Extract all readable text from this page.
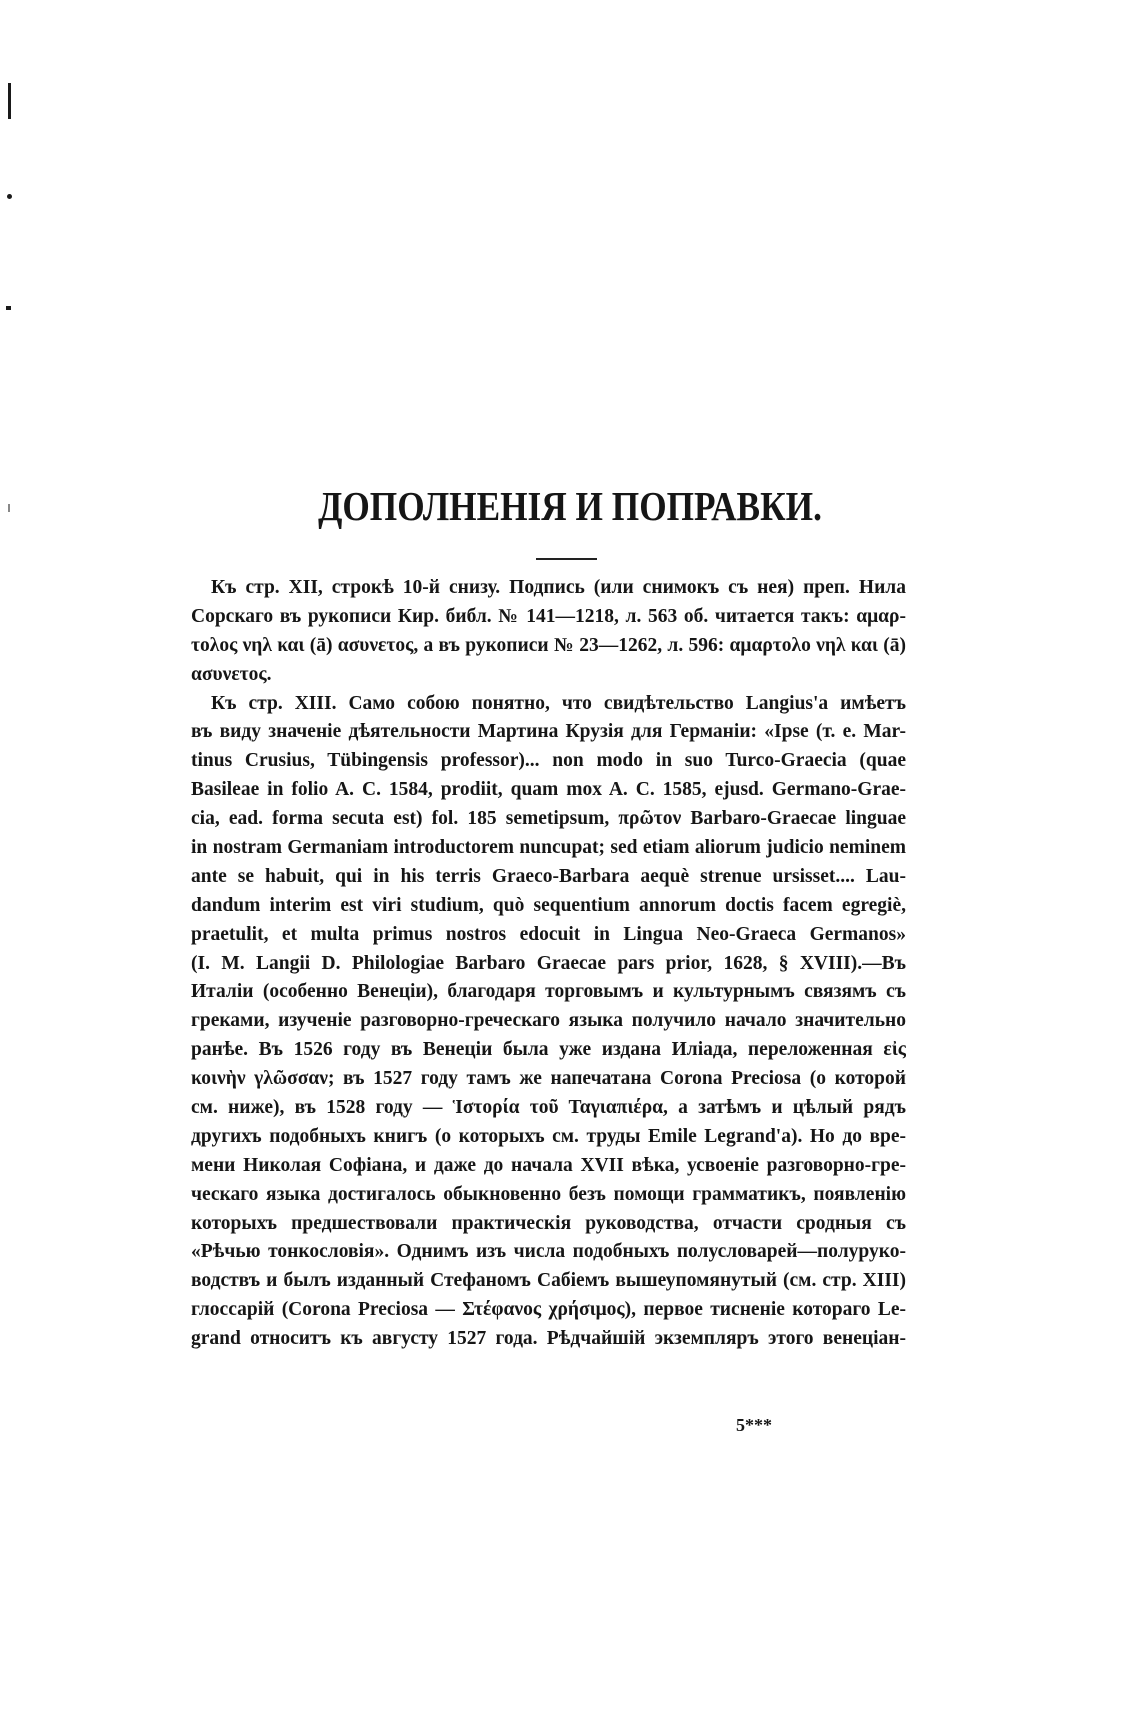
ДОПОЛНЕНІЯ И ПОПРАВКИ.
Къ стр. XII, строкѣ 10-й снизу. Подпись (или снимокъ съ нея) преп. Нила
Сорскаго въ рукописи Кир. библ. № 141—1218, л. 563 об. читается такъ: αμαρ-
τολος νηλ και (ā) ασυνετος, а въ рукописи № 23—1262, л. 596: αμαρτολο νηλ και (ā)
ασυνετος.
Къ стр. XIII. Само собою понятно, что свидѣтельство Langius'а имѣетъ
въ виду значеніе дѣятельности Мартина Крузія для Германіи: «Ipse (т. е. Mar-
tinus Crusius, Tübingensis professor)... non modo in suo Turco-Graecia (quae
Basileae in folio A. C. 1584, prodiit, quam mox A. C. 1585, ejusd. Germano-Grae-
cia, ead. forma secuta est) fol. 185 semetipsum, πρῶτον Barbaro-Graecae linguae
in nostram Germaniam introductorem nuncupat; sed etiam aliorum judicio neminem
ante se habuit, qui in his terris Graeco-Barbara aequè strenue ursisset.... Lau-
dandum interim est viri studium, quò sequentium annorum doctis facem egregiè,
praetulit, et multa primus nostros edocuit in Lingua Neo-Graeca Germanos»
(I. M. Langii D. Philologiae Barbaro Graecae pars prior, 1628, § XVIII).—Въ
Италіи (особенно Венеціи), благодаря торговымъ и культурнымъ связямъ съ
греками, изученіе разговорно-греческаго языка получило начало значительно
ранѣе. Въ 1526 году въ Венеціи была уже издана Иліада, переложенная εἰς
κοινὴν γλῶσσαν; въ 1527 году тамъ же напечатана Corona Preciosa (о которой
см. ниже), въ 1528 году — Ἱστορία τοῦ Ταγιαπιέρα, а затѣмъ и цѣлый рядъ
другихъ подобныхъ книгъ (о которыхъ см. труды Emile Legrand'а). Но до вре-
мени Николая Софіана, и даже до начала XVII вѣка, усвоеніе разговорно-гре-
ческаго языка достигалось обыкновенно безъ помощи грамматикъ, появленію
которыхъ предшествовали практическія руководства, отчасти сродныя съ
«Рѣчью тонкословія». Однимъ изъ числа подобныхъ полусловарей—полуруко-
водствъ и былъ изданный Стефаномъ Сабіемъ вышеупомянутый (см. стр. XIII)
глоссарій (Corona Preciosa — Στέφανος χρήσιμος), первое тисненіе котораго Le-
grand относитъ къ августу 1527 года. Рѣдчайшій экземпляръ этого венеціан-
5***
